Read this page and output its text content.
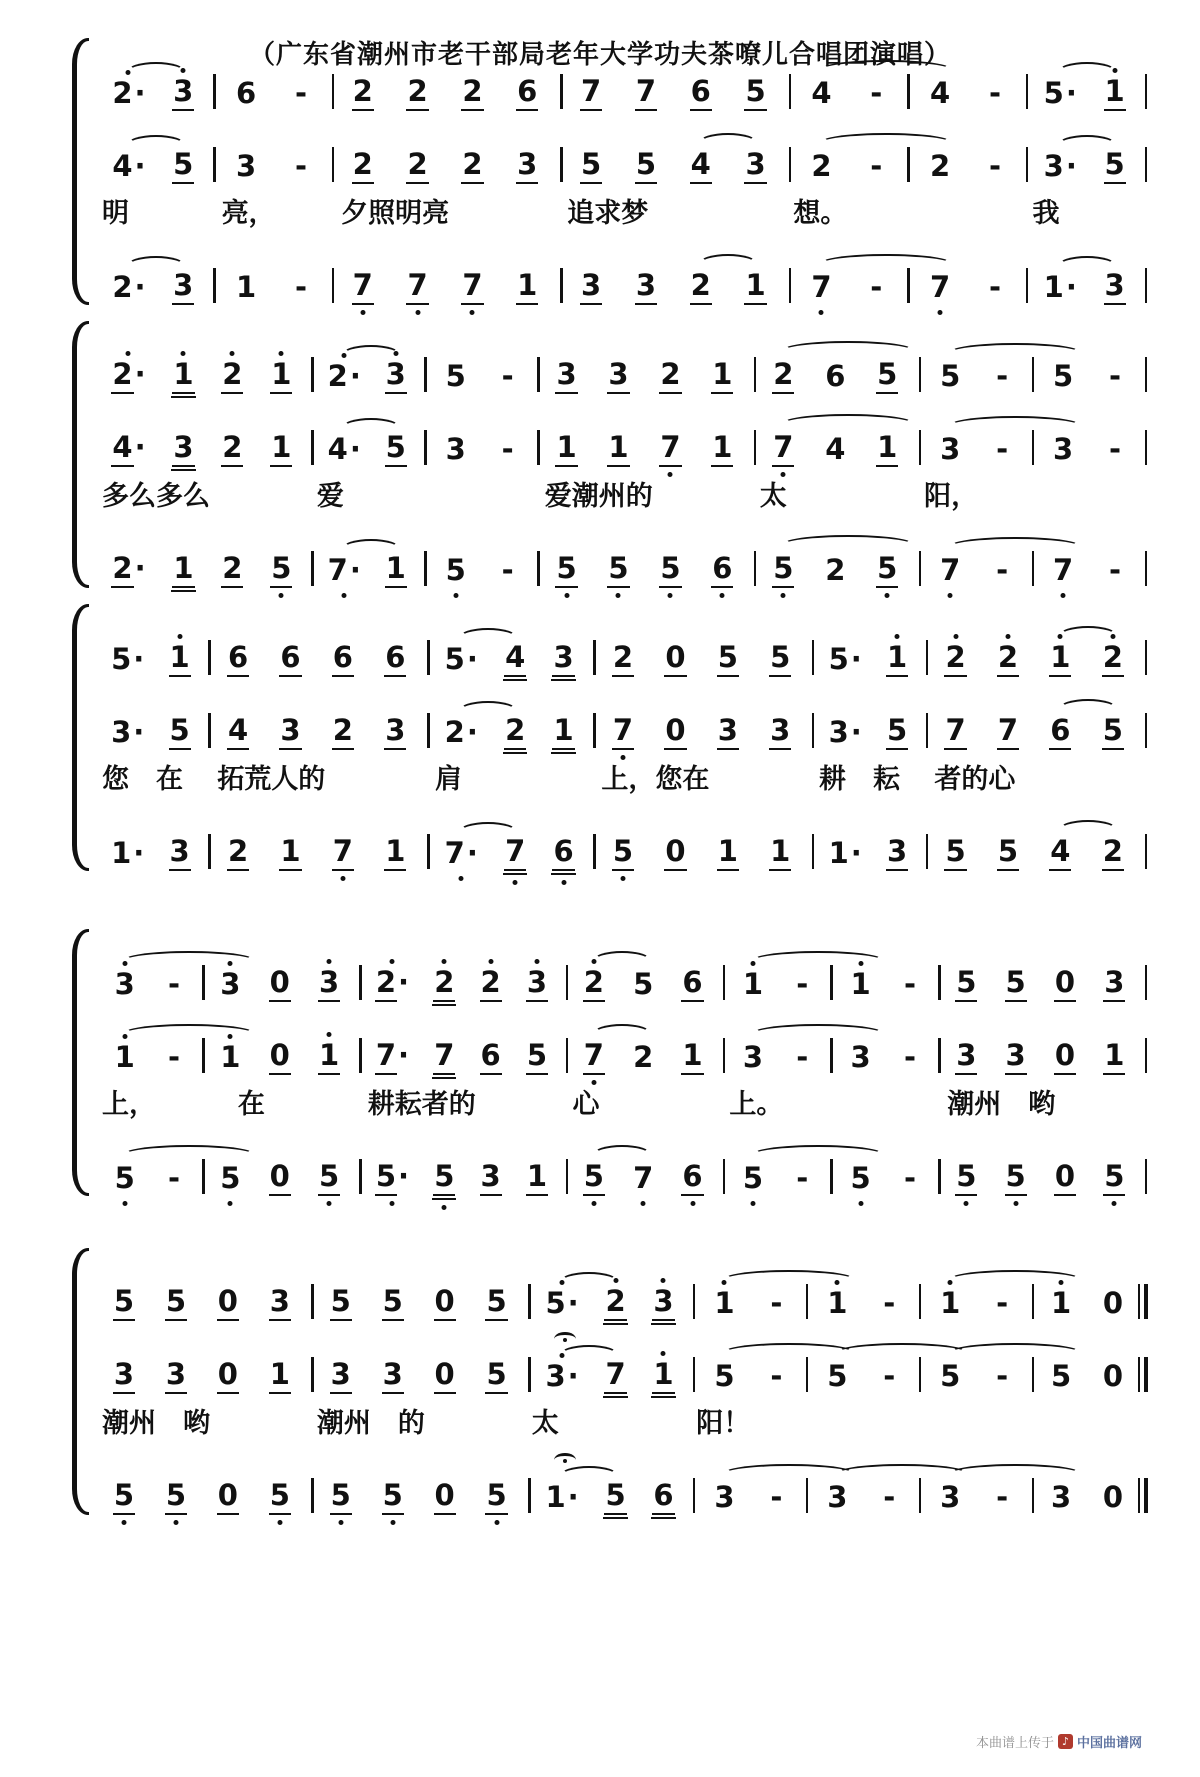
2· 3 6 - 2 2 2 6 7 7 6 5 4 - 4 - 5· 1
4· 5 3 - 2 2 2 3 5 5 4 3 2 - 2 - 3· 5
明	亮，	夕照明亮	追求梦	想。	我
2· 3 1 - 7 7 7 1 3 3 2 1 7 - 7 - 1· 3
2· 1 2 1 2· 3 5 - 3 3 2 1 2 6 5 5 - 5 -
4· 3 2 1 4· 5 3 - 1 1 7 1 7 4 1 3 - 3 -
多么多么	爱	爱潮州的	太	阳，
2· 1 2 5 7· 1 5 - 5 5 5 6 5 2 5 7 - 7 -
5· 1 6 6 6 6 5· 4 3 2 0 5 5 5· 1 2 2 1 2
3· 5 4 3 2 3 2· 2 1 7 0 3 3 3· 5 7 7 6 5
您　在	拓荒人的	肩	上，您在	耕　耘	者的心
1· 3 2 1 7 1 7· 7 6 5 0 1 1 1· 3 5 5 4 2
3 - 3 0 3 2· 2 2 3 2 5 6 1 - 1 - 5 5 0 3
1 - 1 0 1 7· 7 6 5 7 2 1 3 - 3 - 3 3 0 1
上，	　在	耕耘者的	心	上。	潮州　哟
5 - 5 0 5 5· 5 3 1 5 7 6 5 - 5 - 5 5 0 5
5 5 0 3 5 5 0 5 5· 2 3 1 - 1 - 1 - 1 0
3 3 0 1 3 3 0 5 3· 7 1 5 - 5 - 5 - 5 0
潮州　哟	潮州　的	太	阳！
5 5 0 5 5 5 0 5 1· 5 6 3 - 3 - 3 - 3 0
（广东省潮州市老干部局老年大学功夫茶嘹儿合唱团演唱）
本曲谱上传于 ♪ 中国曲谱网
